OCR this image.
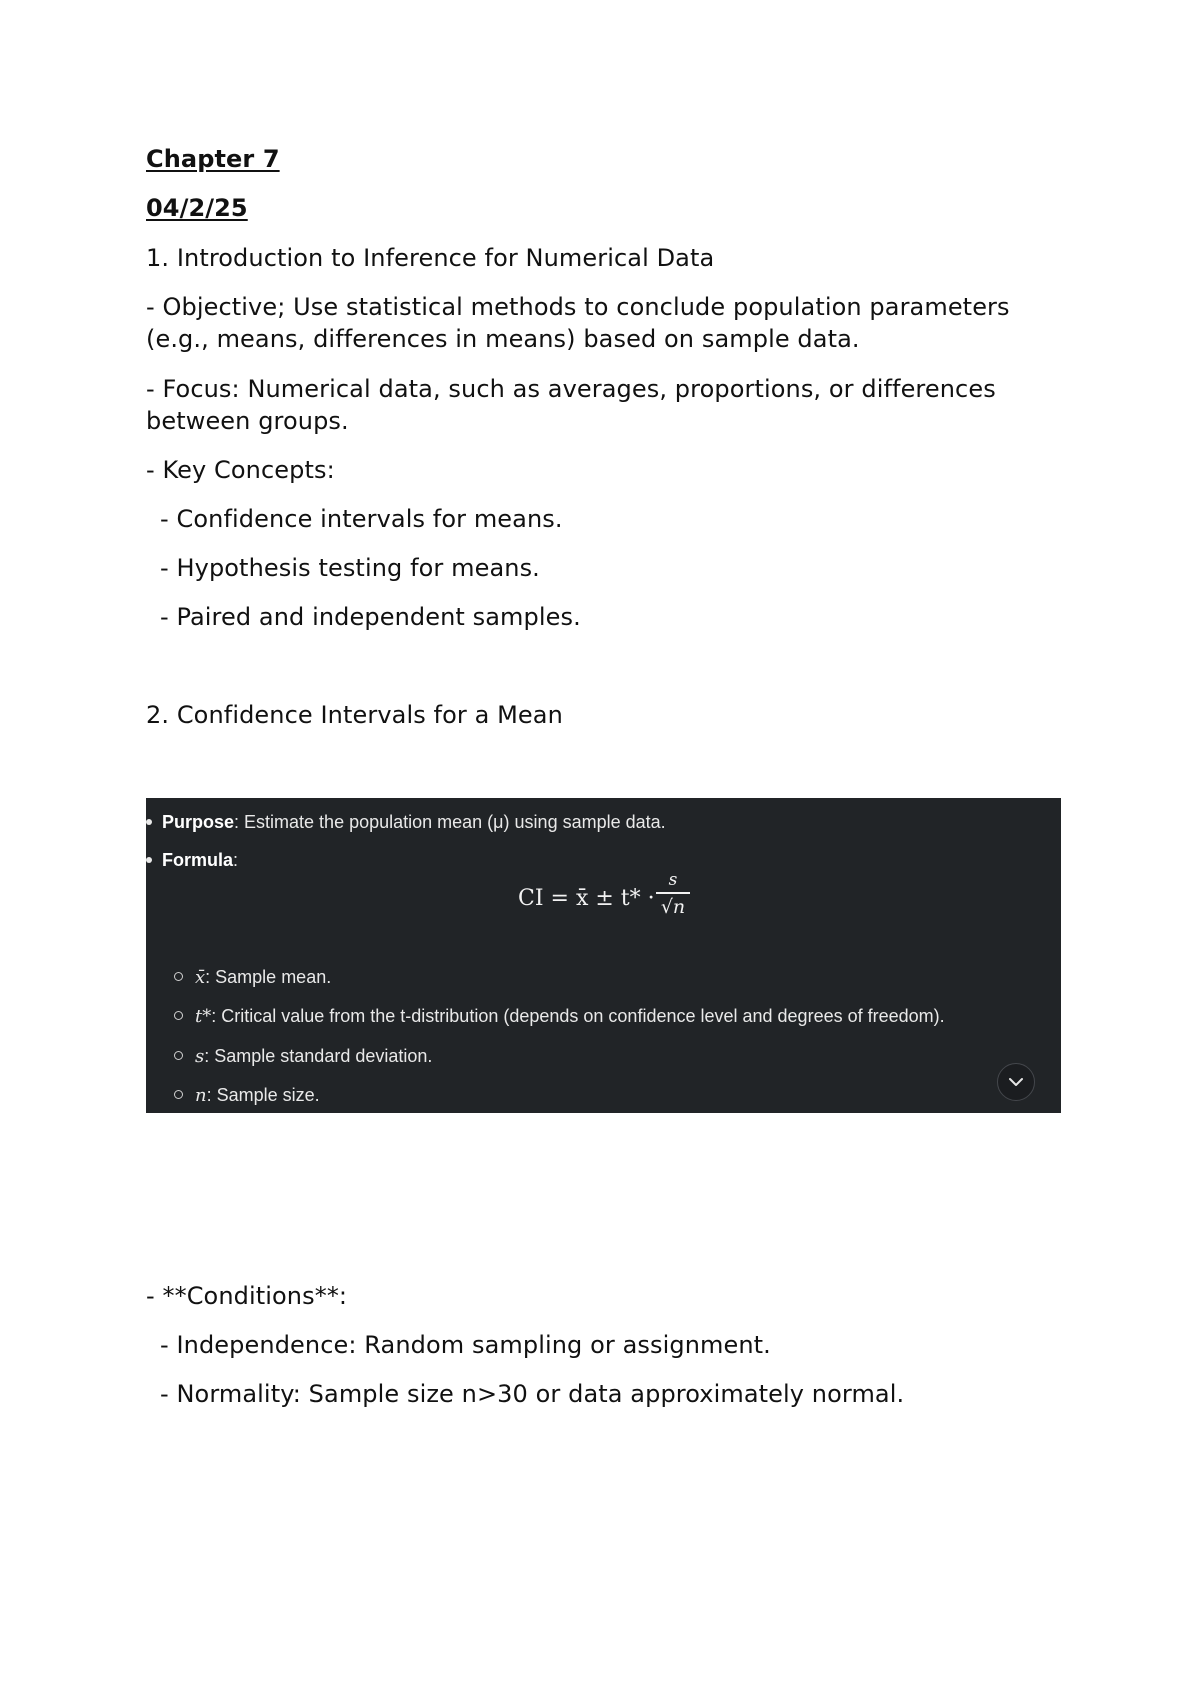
Chapter 7
04/2/25
1. Introduction to Inference for Numerical Data
- Objective; Use statistical methods to conclude population parameters
(e.g., means, differences in means) based on sample data.
- Focus: Numerical data, such as averages, proportions, or differences
between groups.
- Key Concepts:
- Confidence intervals for means.
- Hypothesis testing for means.
- Paired and independent samples.
2. Confidence Intervals for a Mean
Purpose: Estimate the population mean (μ) using sample data.
Formula:
CI = x̄ ± t* ·
s
√n
x̄: Sample mean.
t*: Critical value from the t-distribution (depends on confidence level and degrees of freedom).
s: Sample standard deviation.
n: Sample size.
- **Conditions**:
- Independence: Random sampling or assignment.
- Normality: Sample size n>30 or data approximately normal.
